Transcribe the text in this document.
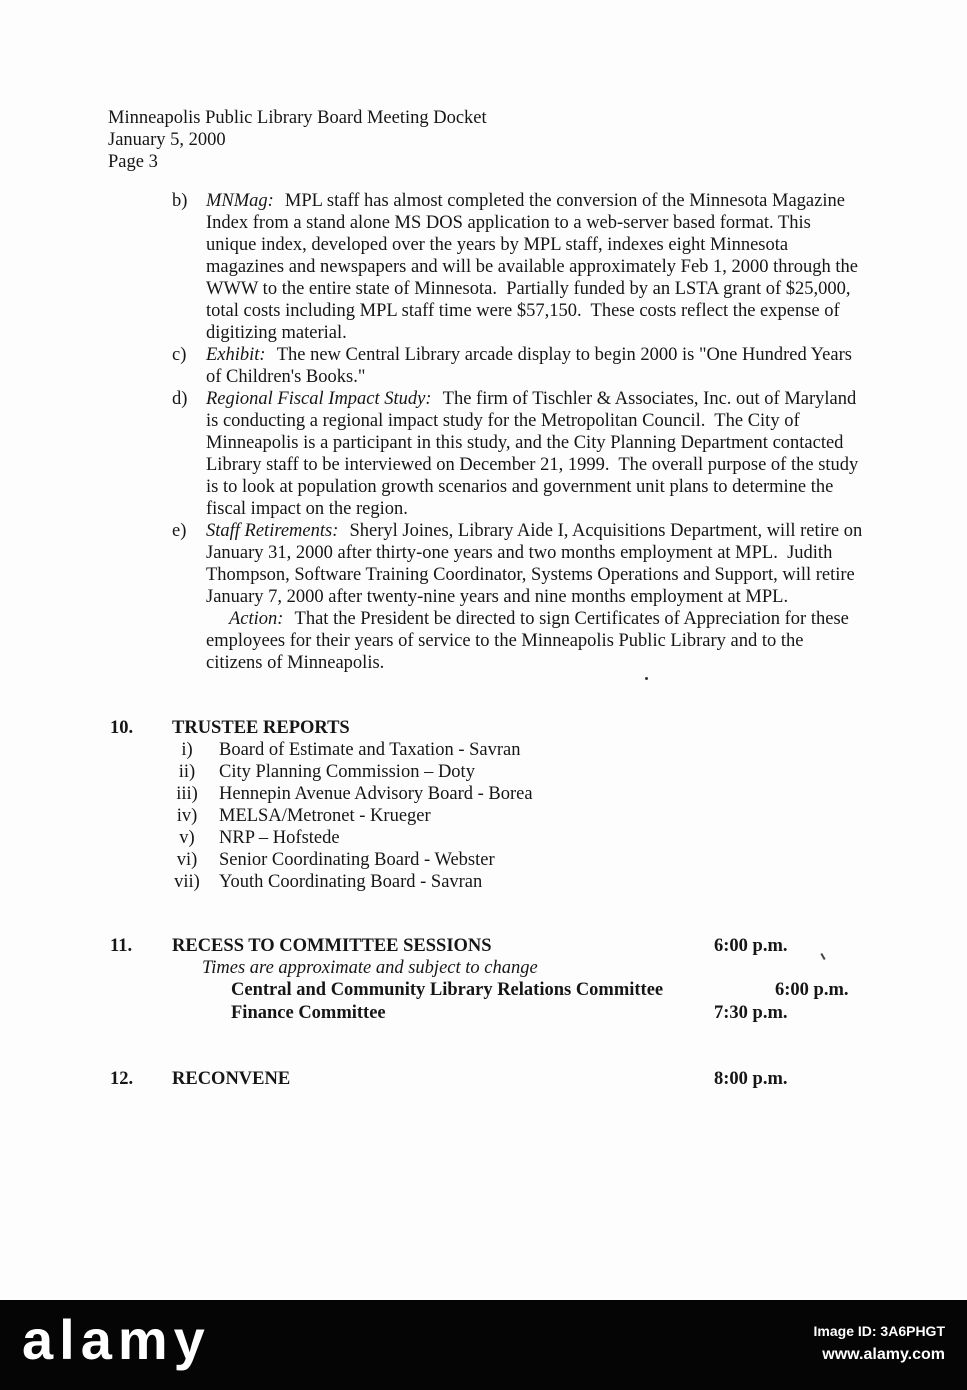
Minneapolis Public Library Board Meeting Docket
January 5, 2000
Page 3
b) MNMag: MPL staff has almost completed the conversion of the Minnesota Magazine
Index from a stand alone MS DOS application to a web-server based format. This
unique index, developed over the years by MPL staff, indexes eight Minnesota
magazines and newspapers and will be available approximately Feb 1, 2000 through the
WWW to the entire state of Minnesota.  Partially funded by an LSTA grant of $25,000,
total costs including MPL staff time were $57,150.  These costs reflect the expense of
digitizing material.
c) Exhibit: The new Central Library arcade display to begin 2000 is "One Hundred Years
of Children's Books."
d) Regional Fiscal Impact Study: The firm of Tischler & Associates, Inc. out of Maryland
is conducting a regional impact study for the Metropolitan Council.  The City of
Minneapolis is a participant in this study, and the City Planning Department contacted
Library staff to be interviewed on December 21, 1999.  The overall purpose of the study
is to look at population growth scenarios and government unit plans to determine the
fiscal impact on the region.
e) Staff Retirements: Sheryl Joines, Library Aide I, Acquisitions Department, will retire on
January 31, 2000 after thirty-one years and two months employment at MPL.  Judith
Thompson, Software Training Coordinator, Systems Operations and Support, will retire
January 7, 2000 after twenty-nine years and nine months employment at MPL.
Action: That the President be directed to sign Certificates of Appreciation for these
employees for their years of service to the Minneapolis Public Library and to the
citizens of Minneapolis.
10. TRUSTEE REPORTS
i)	Board of Estimate and Taxation - Savran
ii)	City Planning Commission – Doty
iii)	Hennepin Avenue Advisory Board - Borea
iv)	MELSA/Metronet - Krueger
v)	NRP – Hofstede
vi)	Senior Coordinating Board - Webster
vii)	Youth Coordinating Board - Savran
11. RECESS TO COMMITTEE SESSIONS	6:00 p.m.
Times are approximate and subject to change
Central and Community Library Relations Committee	6:00 p.m.
Finance Committee	7:30 p.m.
12. RECONVENE	8:00 p.m.
alamy	Image ID: 3A6PHGT
www.alamy.com
